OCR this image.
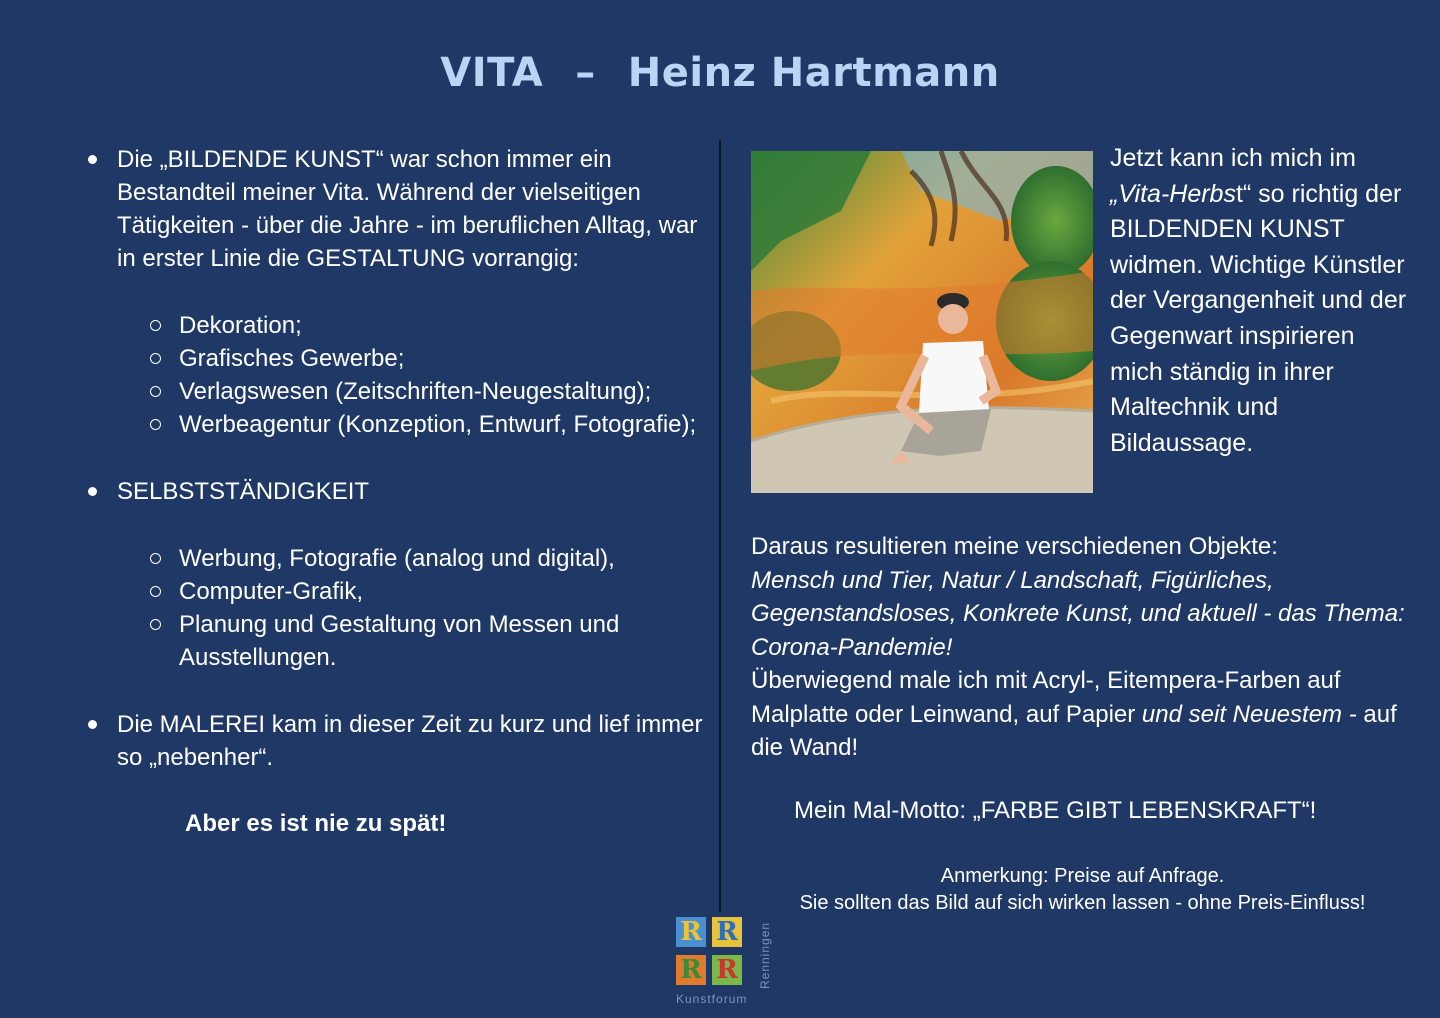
VITA – Heinz Hartmann
Die „BILDENDE KUNST“ war schon immer ein Bestandteil meiner Vita. Während der vielseitigen Tätigkeiten - über die Jahre - im beruflichen Alltag, war in erster Linie die GESTALTUNG vorrangig:
Dekoration;
Grafisches Gewerbe;
Verlagswesen (Zeitschriften-Neugestaltung);
Werbeagentur (Konzeption, Entwurf, Fotografie);
SELBSTSTÄNDIGKEIT
Werbung, Fotografie (analog und digital),
Computer-Grafik,
Planung und Gestaltung von Messen und Ausstellungen.
Die MALEREI kam in dieser Zeit zu kurz und lief immer so „nebenher“.
Aber es ist nie zu spät!
Jetzt kann ich mich im
„Vita-Herbst“ so richtig der BILDENDEN KUNST widmen. Wichtige Künstler der Vergangenheit und der Gegenwart inspirieren mich ständig in ihrer Maltechnik und Bildaussage.
Daraus resultieren meine verschiedenen Objekte:
Mensch und Tier, Natur / Landschaft, Figürliches, Gegenstandsloses, Konkrete Kunst, und aktuell - das Thema: Corona-Pandemie!
Überwiegend male ich mit Acryl-, Eitempera-Farben auf Malplatte oder Leinwand, auf Papier und seit Neuestem - auf die Wand!
Mein Mal-Motto: „FARBE GIBT LEBENSKRAFT“!
Anmerkung: Preise auf Anfrage.
Sie sollten das Bild auf sich wirken lassen - ohne Preis-Einfluss!
R R
R R
Kunstforum
Renningen
